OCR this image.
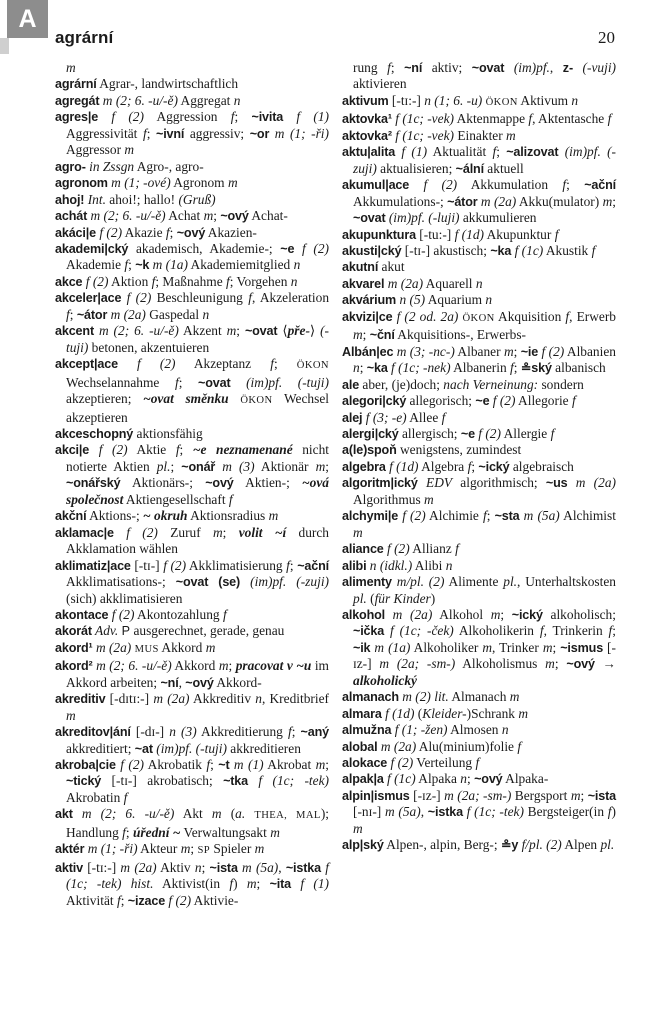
A
agrární	20

m

agrární Agrar-, landwirtschaftlich

agregát m (2; 6. -u/-ě) Aggregat n

agres|e f (2) Aggression f; ~ivita f (1) Aggressivität f; ~ivní aggressiv; ~or m (1; -ři) Aggressor m

agro- in Zssgn Agro-, agro-

agronom m (1; -ové) Agronom m

ahoj! Int. ahoi!; hallo! (Gruß)

achát m (2; 6. -u/-ě) Achat m; ~ový Achat-

akáci|e f (2) Akazie f; ~ový Akazien-

akademi|cký akademisch, Akademie-; ~e f (2) Akademie f; ~k m (1a) Akademiemitglied n

akce f (2) Aktion f; Maßnahme f; Vorgehen n

akceler|ace f (2) Beschleunigung f, Akzeleration f; ~átor m (2a) Gaspedal n

akcent m (2; 6. -u/-ě) Akzent m; ~ovat ⟨pře-⟩ (-tuji) betonen, akzentuieren

akcept|ace f (2) Akzeptanz f; ÖKON Wechselannahme f; ~ovat (im)pf. (-tuji) akzeptieren; ~ovat směnku ÖKON Wechsel akzeptieren

akceschopný aktionsfähig

akci|e f (2) Aktie f; ~e neznamenané nicht notierte Aktien pl.; ~onář m (3) Aktionär m; ~onářský Aktionärs-; ~ový Aktien-; ~ová společnost Aktiengesellschaft f

akční Aktions-; ~ okruh Aktionsradius m

aklamac|e f (2) Zuruf m; volit ~í durch Akklamation wählen

aklimatiz|ace [-tɪ-] f (2) Akklimatisierung f; ~ační Akklimatisations-; ~ovat (se) (im)pf. (-zuji) (sich) akklimatisieren

akontace f (2) Akontozahlung f

akorát Adv. P ausgerechnet, gerade, genau

akord¹ m (2a) MUS Akkord m

akord² m (2; 6. -u/-ě) Akkord m; pracovat v ~u im Akkord arbeiten; ~ní, ~ový Akkord-

akreditiv [-dɪtɪ:-] m (2a) Akkreditiv n, Kreditbrief m

akreditov|ání [-dɪ-] n (3) Akkreditierung f; ~aný akkreditiert; ~at (im)pf. (-tuji) akkreditieren

akroba|cie f (2) Akrobatik f; ~t m (1) Akrobat m; ~tický [-tɪ-] akrobatisch; ~tka f (1c; -tek) Akrobatin f

akt m (2; 6. -u/-ě) Akt m (a. THEA, MAL); Handlung f; úřední ~ Verwaltungsakt m

aktér m (1; -ři) Akteur m; SP Spieler m

aktiv [-tɪ:-] m (2a) Aktiv n; ~ista m (5a), ~istka f (1c; -tek) hist. Aktivist(in f) m; ~ita f (1) Aktivität f; ~izace f (2) Aktivie-

rung f; ~ní aktiv; ~ovat (im)pf., z- (-vuji) aktivieren

aktivum [-tɪ:-] n (1; 6. -u) ÖKON Aktivum n

aktovka¹ f (1c; -vek) Aktenmappe f, Aktentasche f

aktovka² f (1c; -vek) Einakter m

aktu|alita f (1) Aktualität f; ~alizovat (im)pf. (-zuji) aktualisieren; ~ální aktuell

akumul|ace f (2) Akkumulation f; ~ační Akkumulations-; ~átor m (2a) Akku(mulator) m; ~ovat (im)pf. (-luji) akkumulieren

akupunktura [-tu:-] f (1d) Akupunktur f

akusti|cký [-tɪ-] akustisch; ~ka f (1c) Akustik f

akutní akut

akvarel m (2a) Aquarell n

akvárium n (5) Aquarium n

akvizi|ce f (2 od. 2a) ÖKON Akquisition f, Erwerb m; ~ční Akquisitions-, Erwerbs-

Albán|ec m (3; -nc-) Albaner m; ~ie f (2) Albanien n; ~ka f (1c; -nek) Albanerin f; ≗ský albanisch

ale aber, (je)doch; nach Verneinung: sondern

alegori|cký allegorisch; ~e f (2) Allegorie f

alej f (3; -e) Allee f

alergi|cký allergisch; ~e f (2) Allergie f

a(le)spoň wenigstens, zumindest

algebra f (1d) Algebra f; ~ický algebraisch

algoritm|ický EDV algorithmisch; ~us m (2a) Algorithmus m

alchymi|e f (2) Alchimie f; ~sta m (5a) Alchimist m

aliance f (2) Allianz f

alibi n (idkl.) Alibi n

alimenty m/pl. (2) Alimente pl., Unterhaltskosten pl. (für Kinder)

alkohol m (2a) Alkohol m; ~ický alkoholisch; ~ička f (1c; -ček) Alkoholikerin f, Trinkerin f; ~ik m (1a) Alkoholiker m, Trinker m; ~ismus [-ɪz-] m (2a; -sm-) Alkoholismus m; ~ový → alkoholický

almanach m (2) lit. Almanach m

almara f (1d) (Kleider-)Schrank m

almužna f (1; -žen) Almosen n

alobal m (2a) Alu(minium)folie f

alokace f (2) Verteilung f

alpak|a f (1c) Alpaka n; ~ový Alpaka-

alpin|ismus [-ɪz-] m (2a; -sm-) Bergsport m; ~ista [-nɪ-] m (5a), ~istka f (1c; -tek) Bergsteiger(in f) m

alp|ský Alpen-, alpin, Berg-; ≗y f/pl. (2) Alpen pl.
